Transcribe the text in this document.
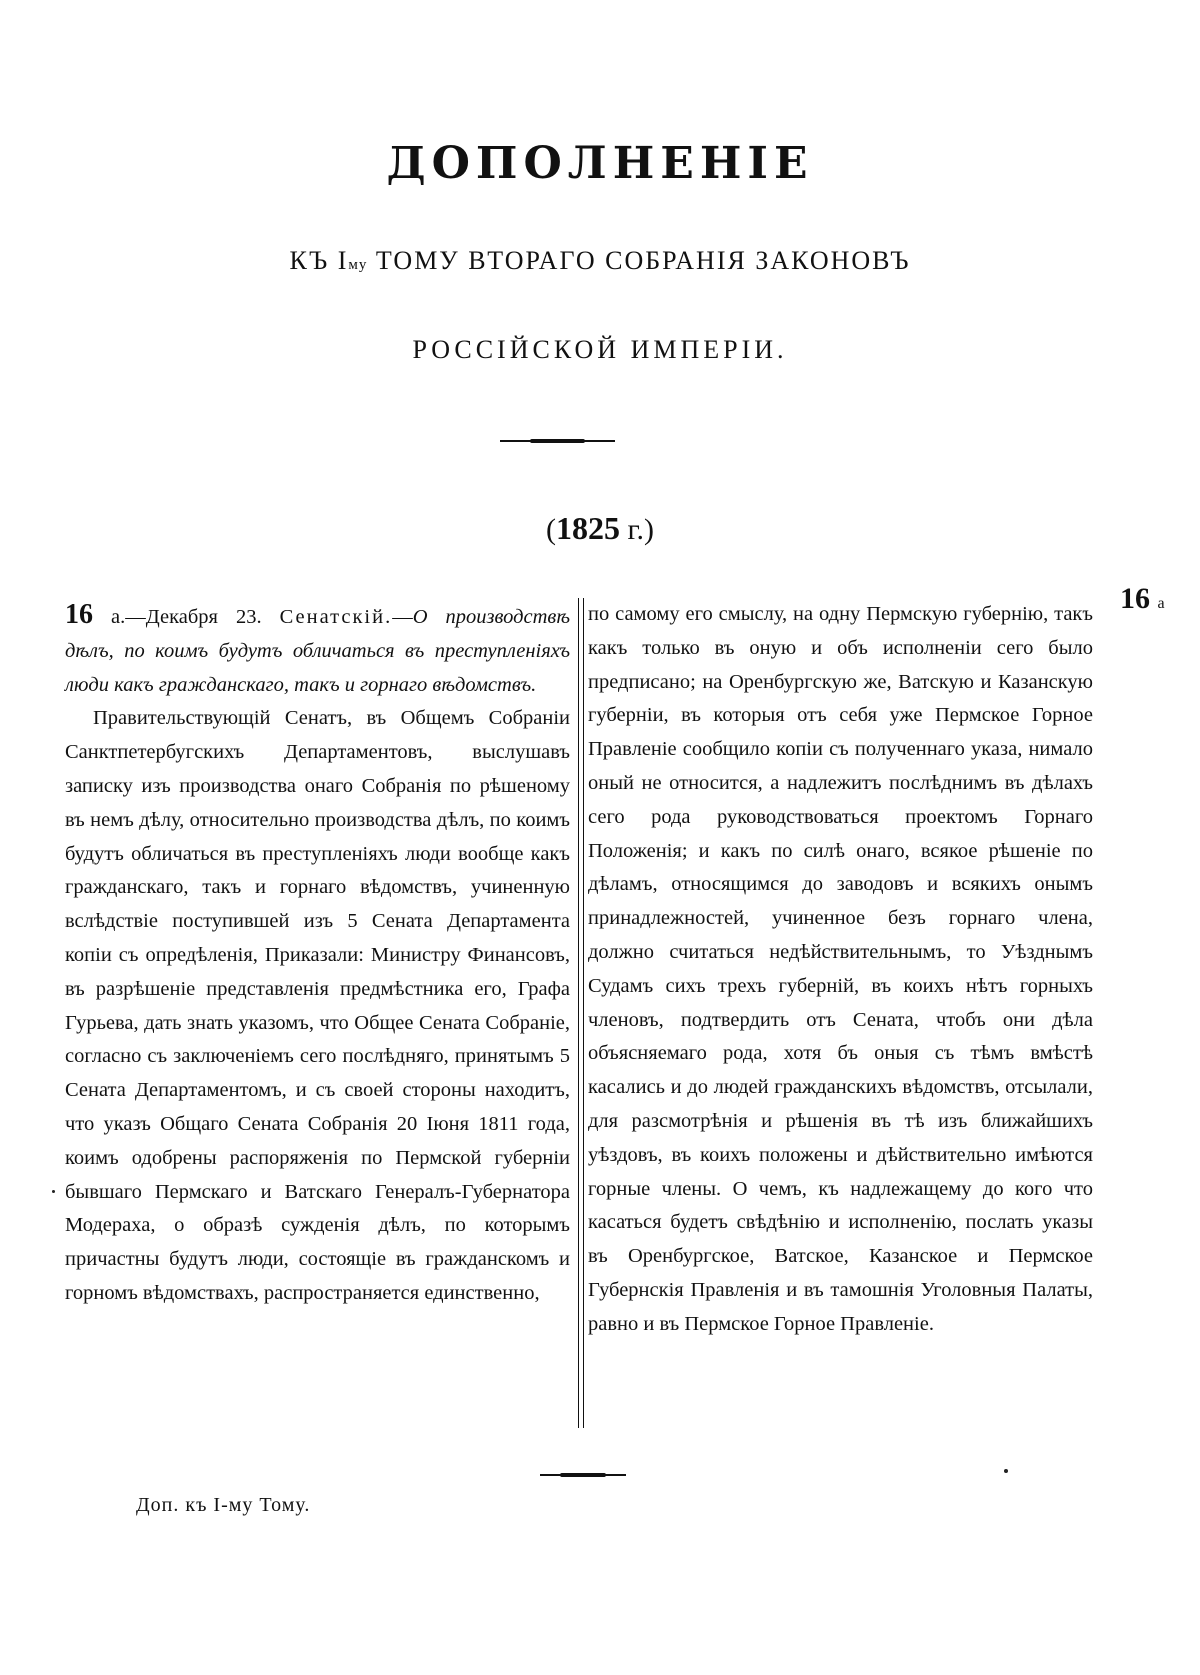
ДОПОЛНЕНІЕ
КЪ Iму ТОМУ ВТОРАГО СОБРАНІЯ ЗАКОНОВЪ
РОССІЙСКОЙ ИМПЕРІИ.
(1825 г.)
16 а

16 а.—Декабря 23. Сенатскій.—О производствѣ дѣлъ, по коимъ будутъ обличаться въ преступленіяхъ люди какъ гражданскаго, такъ и горнаго вѣдомствъ.

Правительствующій Сенатъ, въ Общемъ Собраніи Санктпетербугскихъ Департаментовъ, выслушавъ записку изъ производства онаго Собранія по рѣшеному въ немъ дѣлу, относительно производства дѣлъ, по коимъ будутъ обличаться въ преступленіяхъ люди вообще какъ гражданскаго, такъ и горнаго вѣдомствъ, учиненную вслѣдствіе поступившей изъ 5 Сената Департамента копіи съ опредѣленія, Приказали: Министру Финансовъ, въ разрѣшеніе представленія предмѣстника его, Графа Гурьева, дать знать указомъ, что Общее Сената Собраніе, согласно съ заключеніемъ сего послѣдняго, принятымъ 5 Сената Департаментомъ, и съ своей стороны находитъ, что указъ Общаго Сената Собранія 20 Іюня 1811 года, коимъ одобрены распоряженія по Пермской губерніи бывшаго Пермскаго и Ватскаго Генералъ-Губернатора Модераха, о образѣ сужденія дѣлъ, по которымъ причастны будутъ люди, состоящіе въ гражданскомъ и горномъ вѣдомствахъ, распространяется единственно,

по самому его смыслу, на одну Пермскую губернію, такъ какъ только въ оную и объ исполненіи сего было предписано; на Оренбургскую же, Ватскую и Казанскую губерніи, въ которыя отъ себя уже Пермское Горное Правленіе сообщило копіи съ полученнаго указа, нимало оный не относится, а надлежитъ послѣднимъ въ дѣлахъ сего рода руководствоваться проектомъ Горнаго Положенія; и какъ по силѣ онаго, всякое рѣшеніе по дѣламъ, относящимся до заводовъ и всякихъ онымъ принадлежностей, учиненное безъ горнаго члена, должно считаться недѣйствительнымъ, то Уѣзднымъ Судамъ сихъ трехъ губерній, въ коихъ нѣтъ горныхъ членовъ, подтвердить отъ Сената, чтобъ они дѣла объясняемаго рода, хотя бъ оныя съ тѣмъ вмѣстѣ касались и до людей гражданскихъ вѣдомствъ, отсылали, для разсмотрѣнія и рѣшенія въ тѣ изъ ближайшихъ уѣздовъ, въ коихъ положены и дѣйствительно имѣются горные члены. О чемъ, къ надлежащему до кого что касаться будетъ свѣдѣнію и исполненію, послать указы въ Оренбургское, Ватское, Казанское и Пермское Губернскія Правленія и въ тамошнія Уголовныя Палаты, равно и въ Пермское Горное Правленіе.

Доп. къ I-му Тому.
